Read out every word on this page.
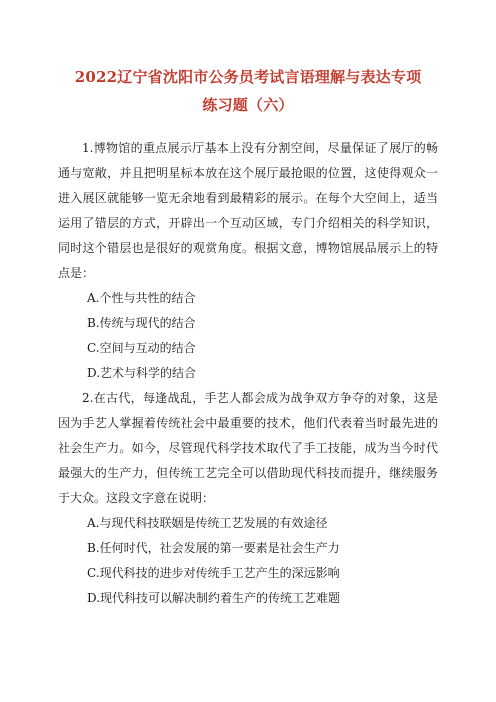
2022辽宁省沈阳市公务员考试言语理解与表达专项
练习题（六）

1.博物馆的重点展示厅基本上没有分割空间，尽量保证了展厅的畅通与宽敞，并且把明星标本放在这个展厅最抢眼的位置，这使得观众一进入展区就能够一览无余地看到最精彩的展示。在每个大空间上，适当运用了错层的方式，开辟出一个互动区域，专门介绍相关的科学知识，同时这个错层也是很好的观赏角度。根据文意，博物馆展品展示上的特点是：

A.个性与共性的结合

B.传统与现代的结合

C.空间与互动的结合

D.艺术与科学的结合

2.在古代，每逢战乱，手艺人都会成为战争双方争夺的对象，这是因为手艺人掌握着传统社会中最重要的技术，他们代表着当时最先进的社会生产力。如今，尽管现代科学技术取代了手工技能，成为当今时代最强大的生产力，但传统工艺完全可以借助现代科技而提升，继续服务于大众。这段文字意在说明：

A.与现代科技联姻是传统工艺发展的有效途径

B.任何时代，社会发展的第一要素是社会生产力

C.现代科技的进步对传统手工艺产生的深远影响

D.现代科技可以解决制约着生产的传统工艺难题
